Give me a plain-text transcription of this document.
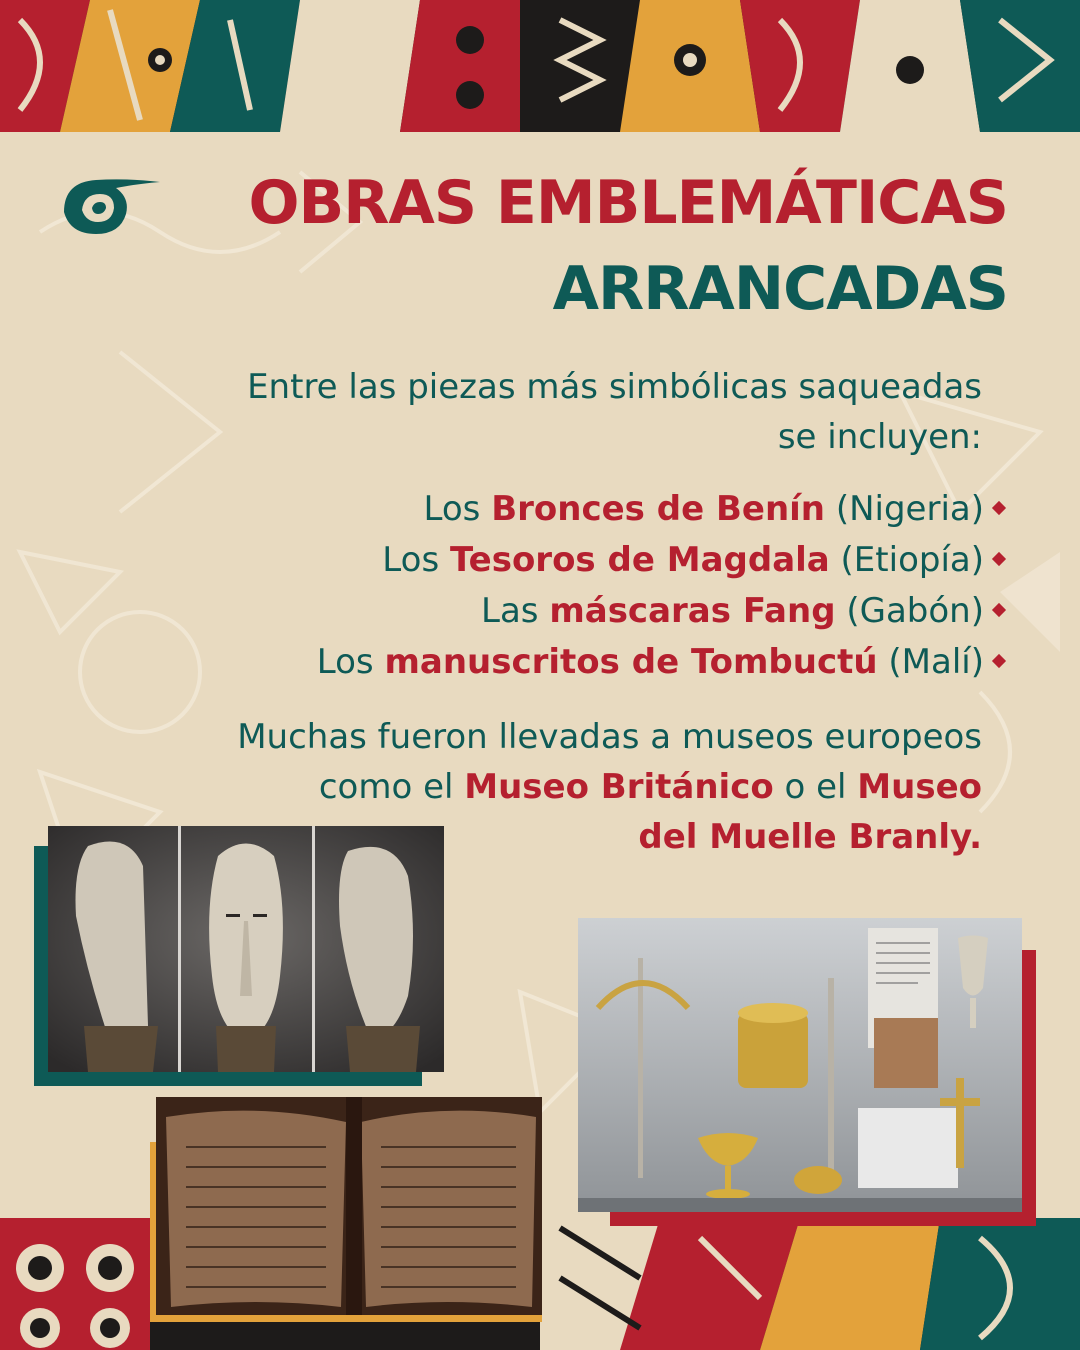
OBRAS EMBLEMÁTICAS
ARRANCADAS

Entre las piezas más simbólicas saqueadas
se incluyen:

Los Bronces de Benín (Nigeria)
Los Tesoros de Magdala (Etiopía)
Las máscaras Fang (Gabón)
Los manuscritos de Tombuctú (Malí)

Muchas fueron llevadas a museos europeos
como el Museo Británico o el Museo
del Muelle Branly.
